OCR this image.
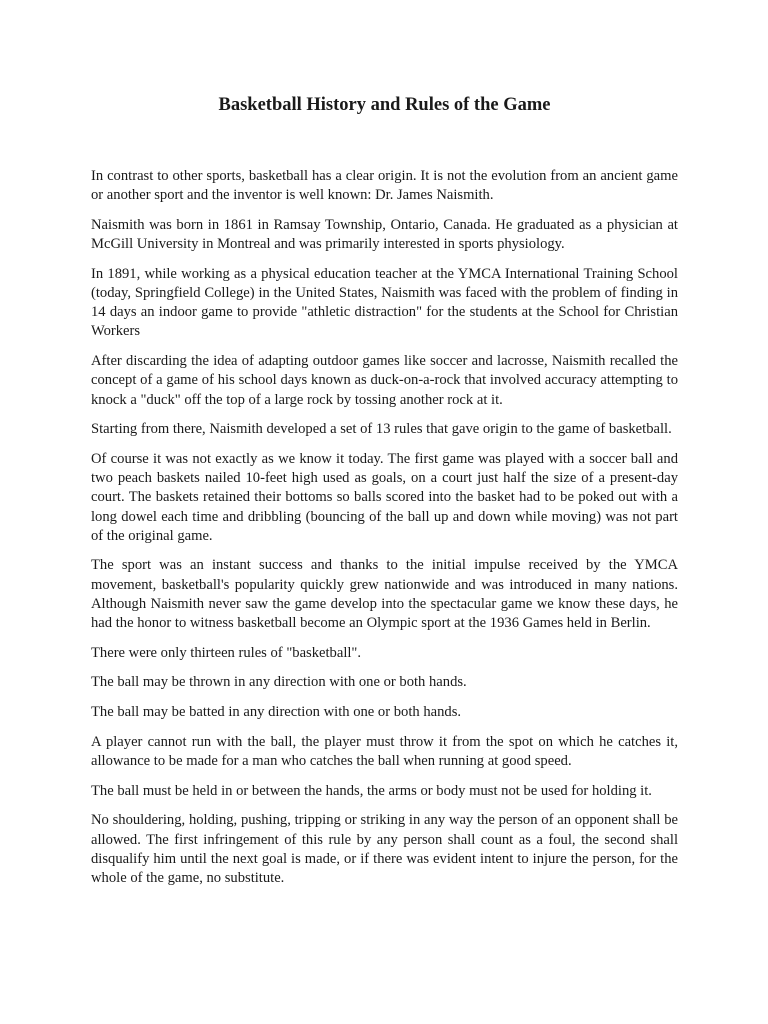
Basketball History and Rules of the Game

In contrast to other sports, basketball has a clear origin. It is not the evolution from an ancient game or another sport and the inventor is well known: Dr. James Naismith.

Naismith was born in 1861 in Ramsay Township, Ontario, Canada. He graduated as a physician at McGill University in Montreal and was primarily interested in sports physiology.

In 1891, while working as a physical education teacher at the YMCA International Training School (today, Springfield College) in the United States, Naismith was faced with the problem of finding in 14 days an indoor game to provide "athletic distraction" for the students at the School for Christian Workers

After discarding the idea of adapting outdoor games like soccer and lacrosse, Naismith recalled the concept of a game of his school days known as duck-on-a-rock that involved accuracy attempting to knock a "duck" off the top of a large rock by tossing another rock at it.

Starting from there, Naismith developed a set of 13 rules that gave origin to the game of basketball.

Of course it was not exactly as we know it today. The first game was played with a soccer ball and two peach baskets nailed 10-feet high used as goals, on a court just half the size of a present-day court. The baskets retained their bottoms so balls scored into the basket had to be poked out with a long dowel each time and dribbling (bouncing of the ball up and down while moving) was not part of the original game.

The sport was an instant success and thanks to the initial impulse received by the YMCA movement, basketball's popularity quickly grew nationwide and was introduced in many nations. Although Naismith never saw the game develop into the spectacular game we know these days, he had the honor to witness basketball become an Olympic sport at the 1936 Games held in Berlin.

There were only thirteen rules of "basketball".

The ball may be thrown in any direction with one or both hands.

The ball may be batted in any direction with one or both hands.

A player cannot run with the ball, the player must throw it from the spot on which he catches it, allowance to be made for a man who catches the ball when running at good speed.

The ball must be held in or between the hands, the arms or body must not be used for holding it.

No shouldering, holding, pushing, tripping or striking in any way the person of an opponent shall be allowed. The first infringement of this rule by any person shall count as a foul, the second shall disqualify him until the next goal is made, or if there was evident intent to injure the person, for the whole of the game, no substitute.
